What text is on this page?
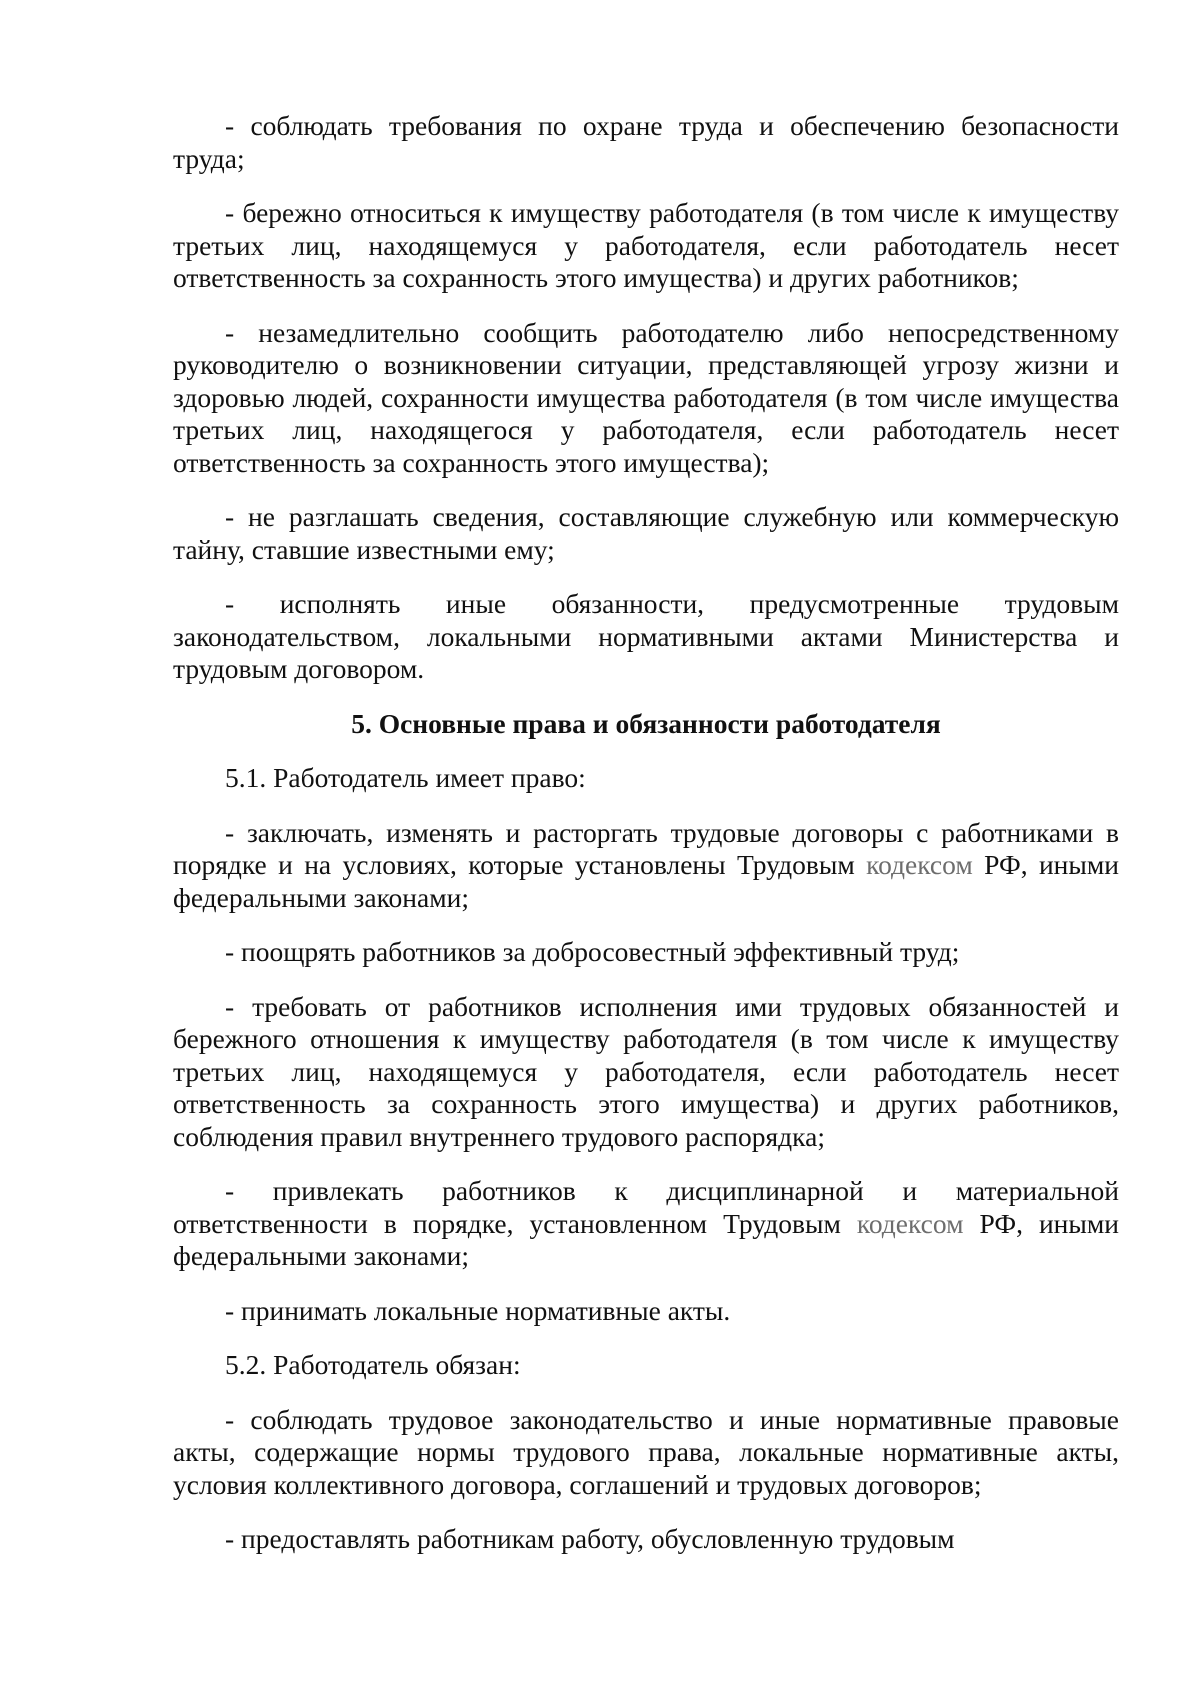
- соблюдать требования по охране труда и обеспечению безопасности труда;

- бережно относиться к имуществу работодателя (в том числе к имуществу третьих лиц, находящемуся у работодателя, если работодатель несет ответственность за сохранность этого имущества) и других работников;

- незамедлительно сообщить работодателю либо непосредственному руководителю о возникновении ситуации, представляющей угрозу жизни и здоровью людей, сохранности имущества работодателя (в том числе имущества третьих лиц, находящегося у работодателя, если работодатель несет ответственность за сохранность этого имущества);

- не разглашать сведения, составляющие служебную или коммерческую тайну, ставшие известными ему;

- исполнять иные обязанности, предусмотренные трудовым законодательством, локальными нормативными актами Министерства и трудовым договором.

5. Основные права и обязанности работодателя

5.1. Работодатель имеет право:

- заключать, изменять и расторгать трудовые договоры с работниками в порядке и на условиях, которые установлены Трудовым кодексом РФ, иными федеральными законами;

- поощрять работников за добросовестный эффективный труд;

- требовать от работников исполнения ими трудовых обязанностей и бережного отношения к имуществу работодателя (в том числе к имуществу третьих лиц, находящемуся у работодателя, если работодатель несет ответственность за сохранность этого имущества) и других работников, соблюдения правил внутреннего трудового распорядка;

- привлекать работников к дисциплинарной и материальной ответственности в порядке, установленном Трудовым кодексом РФ, иными федеральными законами;

- принимать локальные нормативные акты.

5.2. Работодатель обязан:

- соблюдать трудовое законодательство и иные нормативные правовые акты, содержащие нормы трудового права, локальные нормативные акты, условия коллективного договора, соглашений и трудовых договоров;

- предоставлять работникам работу, обусловленную трудовым
